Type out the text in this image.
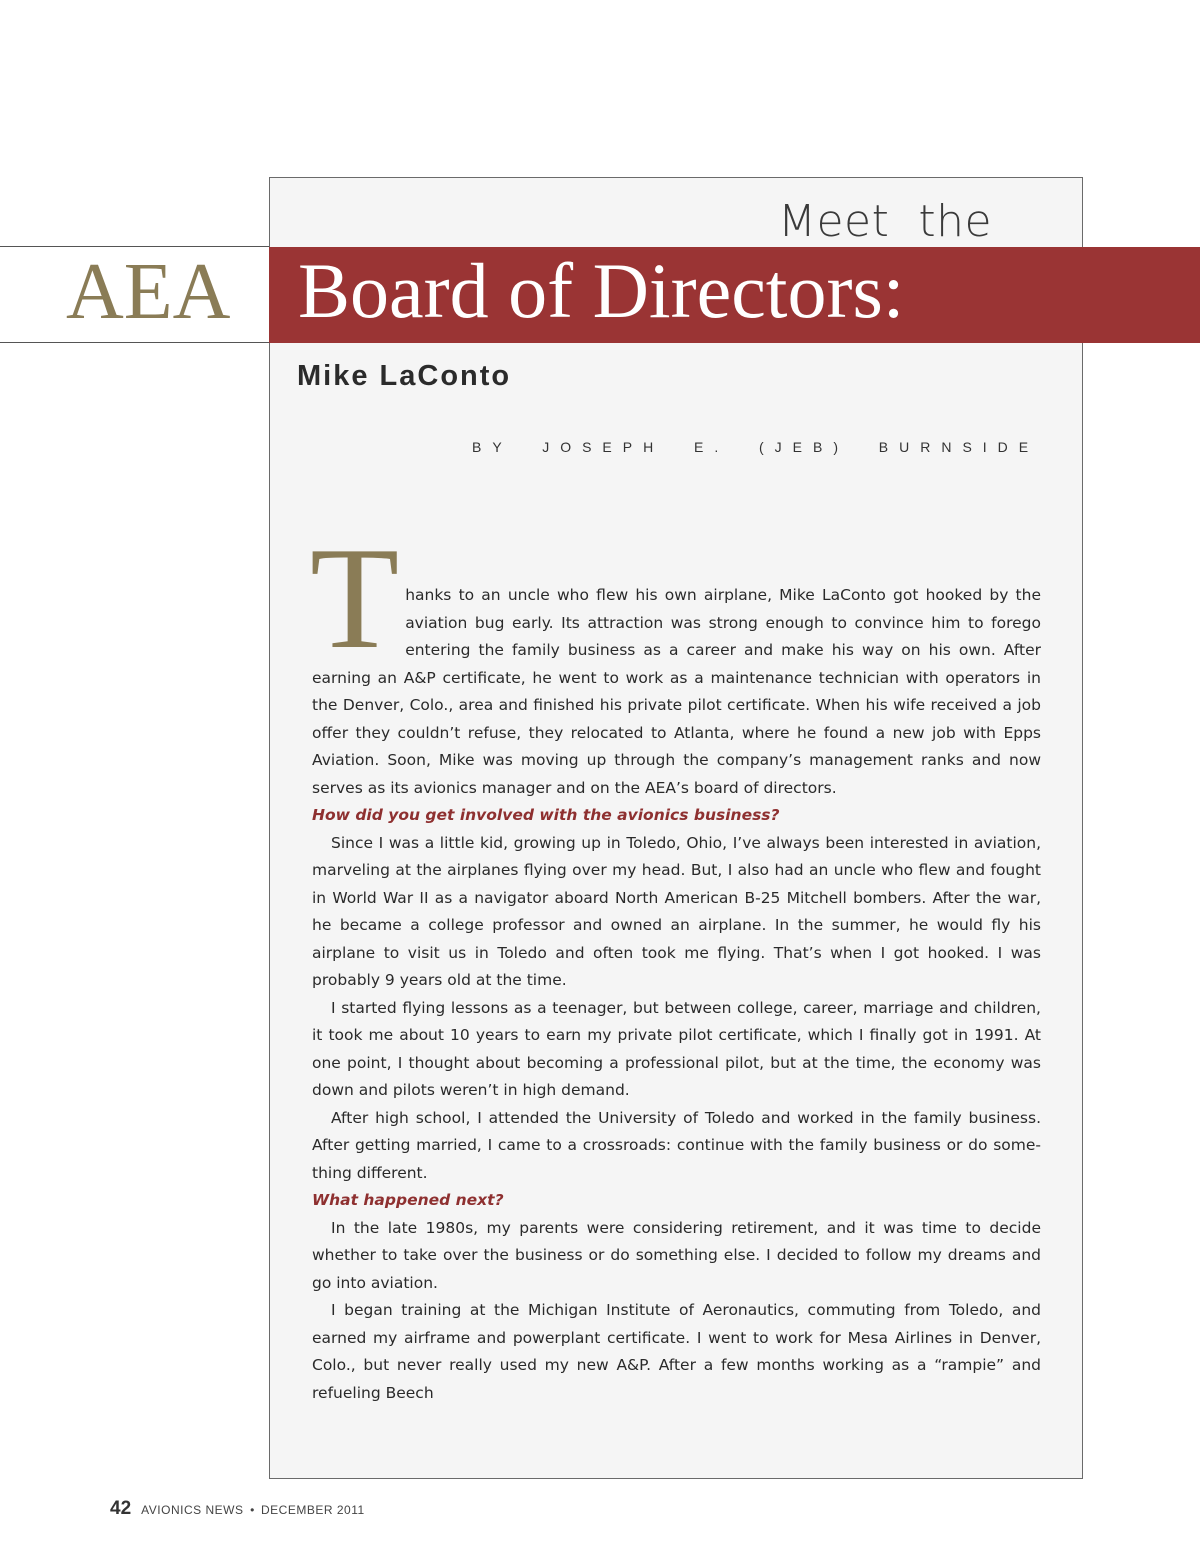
Meet  the
AEA Board of Directors:
Mike LaConto
BY  JOSEPH  E.  (JEB)  BURNSIDE
T hanks to an uncle who flew his own airplane, Mike LaConto got hooked by the aviation bug early. Its attraction was strong enough to convince him to forego entering the family business as a career and make his way on his own. After earning an A&P certificate, he went to work as a maintenance technician with operators in the Denver, Colo., area and finished his private pilot certificate. When his wife received a job offer they couldn’t refuse, they relocated to Atlanta, where he found a new job with Epps Aviation. Soon, Mike was moving up through the company’s management ranks and now serves as its avionics manager and on the AEA’s board of directors.

How did you get involved with the avionics business?

Since I was a little kid, growing up in Toledo, Ohio, I’ve always been interested in aviation, marveling at the airplanes flying over my head. But, I also had an uncle who flew and fought in World War II as a navigator aboard North American B-25 Mitchell bombers. After the war, he became a college professor and owned an airplane. In the summer, he would fly his airplane to visit us in Toledo and often took me flying. That’s when I got hooked. I was probably 9 years old at the time.

I started flying lessons as a teenager, but between college, career, marriage and children, it took me about 10 years to earn my private pilot certificate, which I finally got in 1991. At one point, I thought about becoming a professional pilot, but at the time, the economy was down and pilots weren’t in high demand.

After high school, I attended the University of Toledo and worked in the family business. After getting married, I came to a crossroads: continue with the family business or do something different.

What happened next?

In the late 1980s, my parents were considering retirement, and it was time to decide whether to take over the business or do something else. I decided to follow my dreams and go into aviation.

I began training at the Michigan Institute of Aeronautics, commuting from Toledo, and earned my airframe and powerplant certificate. I went to work for Mesa Airlines in Denver, Colo., but never really used my new A&P. After a few months working as a “rampie” and refueling Beech

42 AVIONICS NEWS • DECEMBER 2011
